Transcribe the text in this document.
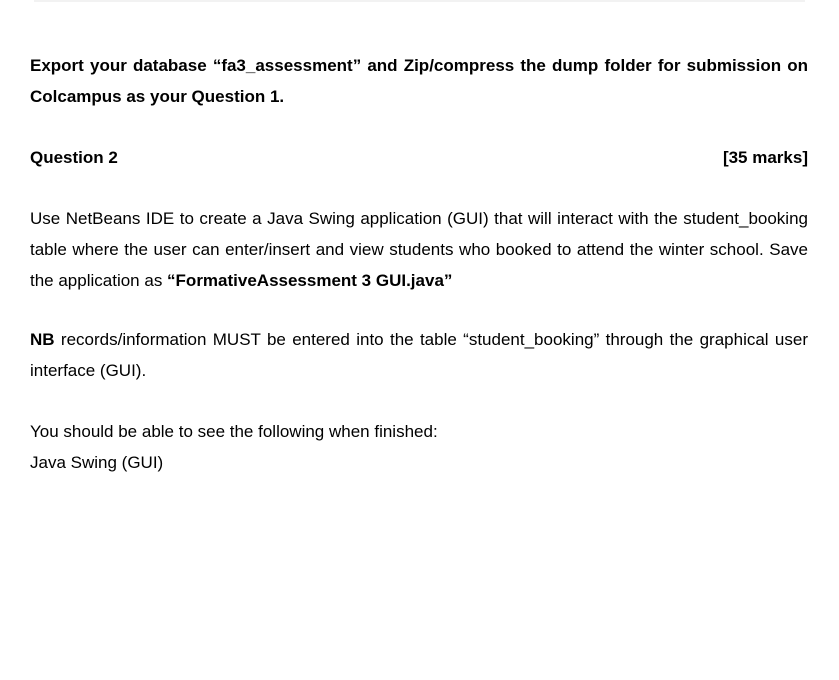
Export your database “fa3_assessment” and Zip/compress the dump folder for submission on Colcampus as your Question 1.

Question 2	[35 marks]

Use NetBeans IDE to create a Java Swing application (GUI) that will interact with the student_booking table where the user can enter/insert and view students who booked to attend the winter school. Save the application as “FormativeAssessment 3 GUI.java”

NB records/information MUST be entered into the table “student_booking” through the graphical user interface (GUI).

You should be able to see the following when finished:

Java Swing (GUI)
